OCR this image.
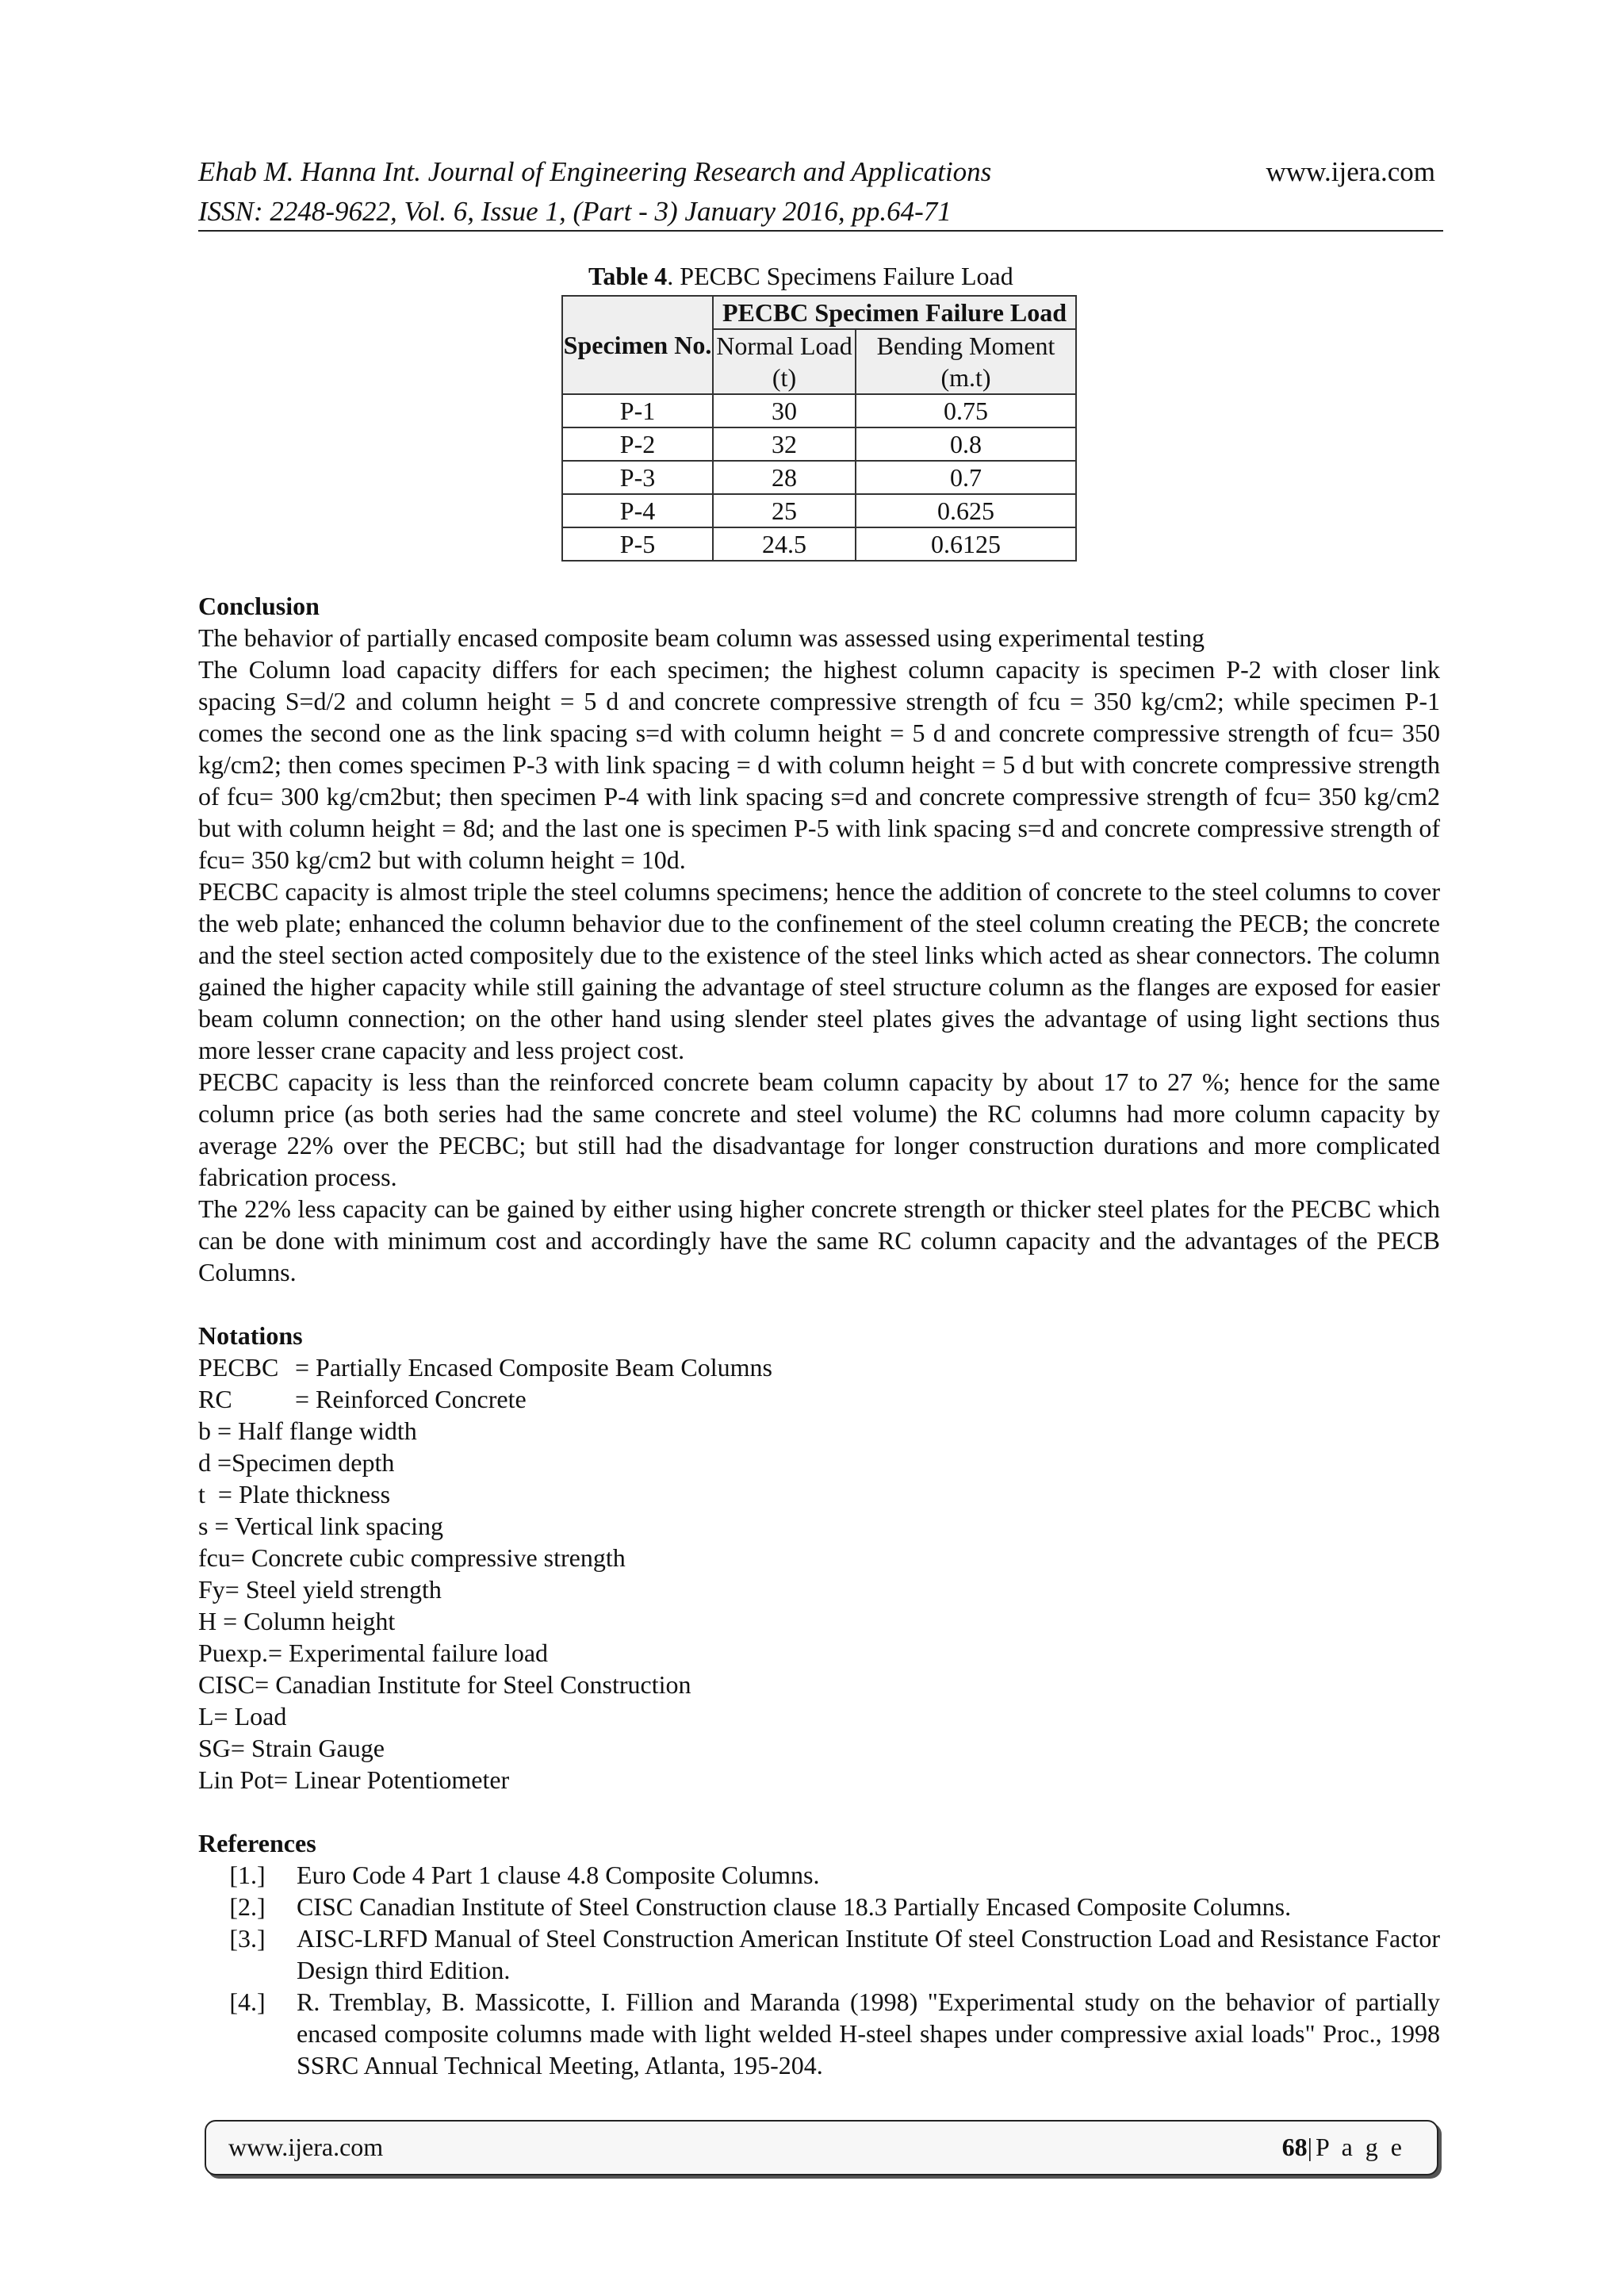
Ehab M. Hanna Int. Journal of Engineering Research and Applications
ISSN: 2248-9622, Vol. 6, Issue 1, (Part - 3) January 2016, pp.64-71
www.ijera.com
Table 4. PECBC Specimens Failure Load
Specimen No.	PECBC Specimen Failure Load	
	Normal Load (t)	Bending Moment (m.t)
P-1	30	0.75
P-2	32	0.8
P-3	28	0.7
P-4	25	0.625
P-5	24.5	0.6125
Conclusion

The behavior of partially encased composite beam column was assessed using experimental testing

The Column load capacity differs for each specimen; the highest column capacity is specimen P-2 with closer link spacing S=d/2 and column height = 5 d and concrete compressive strength of fcu = 350 kg/cm2; while specimen P-1 comes the second one as the link spacing s=d with column height = 5 d and concrete compressive strength of fcu= 350 kg/cm2; then comes specimen P-3 with link spacing = d with column height = 5 d but with concrete compressive strength of fcu= 300 kg/cm2but; then specimen P-4 with link spacing s=d and concrete compressive strength of fcu= 350 kg/cm2 but with column height = 8d; and the last one is specimen P-5 with link spacing s=d and concrete compressive strength of fcu= 350 kg/cm2 but with column height = 10d.

PECBC capacity is almost triple the steel columns specimens; hence the addition of concrete to the steel columns to cover the web plate; enhanced the column behavior due to the confinement of the steel column creating the PECB; the concrete and the steel section acted compositely due to the existence of the steel links which acted as shear connectors. The column gained the higher capacity while still gaining the advantage of steel structure column as the flanges are exposed for easier beam column connection; on the other hand using slender steel plates gives the advantage of using light sections thus more lesser crane capacity and less project cost.

PECBC capacity is less than the reinforced concrete beam column capacity by about 17 to 27 %; hence for the same column price (as both series had the same concrete and steel volume) the RC columns had more column capacity by average 22% over the PECBC; but still had the disadvantage for longer construction durations and more complicated fabrication process.

The 22% less capacity can be gained by either using higher concrete strength or thicker steel plates for the PECBC which can be done with minimum cost and accordingly have the same RC column capacity and the advantages of the PECB Columns.

Notations
PECBC = Partially Encased Composite Beam Columns
RC	= Reinforced Concrete
b = Half flange width
d =Specimen depth
t  = Plate thickness
s = Vertical link spacing
fcu= Concrete cubic compressive strength
Fy= Steel yield strength
H = Column height
Puexp.= Experimental failure load
CISC= Canadian Institute for Steel Construction
L= Load
SG= Strain Gauge
Lin Pot= Linear Potentiometer
References
[1.]	Euro Code 4 Part 1 clause 4.8 Composite Columns.
[2.]	CISC Canadian Institute of Steel Construction clause 18.3 Partially Encased Composite Columns.
[3.]	AISC-LRFD Manual of Steel Construction American Institute Of steel Construction Load and Resistance Factor Design third Edition.
[4.]	R. Tremblay, B. Massicotte, I. Fillion and Maranda (1998) "Experimental study on the behavior of partially encased composite columns made with light welded H-steel shapes under compressive axial loads" Proc., 1998 SSRC Annual Technical Meeting, Atlanta, 195-204.
www.ijera.com	68|P a g e
